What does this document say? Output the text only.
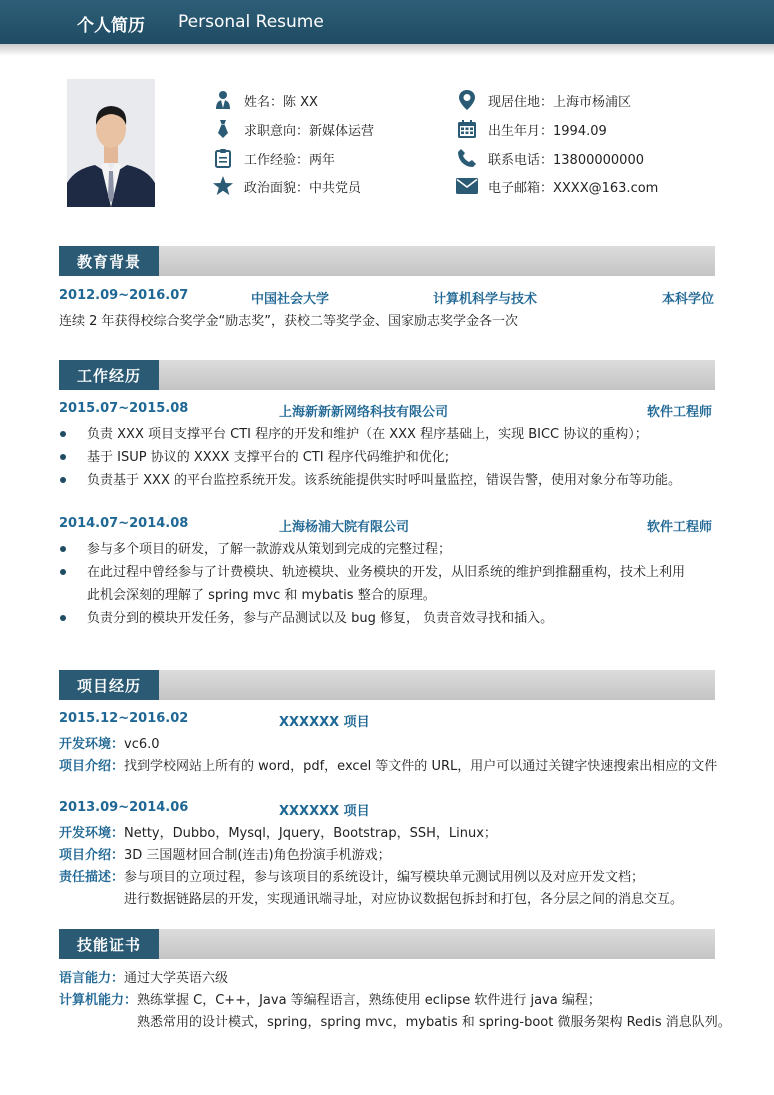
个人简历 Personal Resume
姓名：陈 XX
求职意向：新媒体运营
工作经验：两年
政治面貌：中共党员
现居住地：上海市杨浦区
出生年月：1994.09
联系电话：13800000000
电子邮箱：XXXX@163.com
教育背景
2012.09~2016.07	中国社会大学	计算机科学与技术	本科学位
连续 2 年获得校综合奖学金“励志奖”，获校二等奖学金、国家励志奖学金各一次
工作经历
2015.07~2015.08	上海新新新网络科技有限公司	软件工程师
负责 XXX 项目支撑平台 CTI 程序的开发和维护（在 XXX 程序基础上，实现 BICC 协议的重构）；
基于 ISUP 协议的 XXXX 支撑平台的 CTI 程序代码维护和优化;
负责基于 XXX 的平台监控系统开发。该系统能提供实时呼叫量监控，错误告警，使用对象分布等功能。
2014.07~2014.08	上海杨浦大院有限公司	软件工程师
参与多个项目的研发，了解一款游戏从策划到完成的完整过程；
在此过程中曾经参与了计费模块、轨迹模块、业务模块的开发，从旧系统的维护到推翻重构，技术上利用
此机会深刻的理解了 spring mvc 和 mybatis 整合的原理。
负责分到的模块开发任务，参与产品测试以及 bug 修复， 负责音效寻找和插入。
项目经历
2015.12~2016.02	XXXXXX 项目
开发环境：vc6.0
项目介绍：找到学校网站上所有的 word，pdf，excel 等文件的 URL，用户可以通过关键字快速搜索出相应的文件
2013.09~2014.06	XXXXXX 项目
开发环境：Netty，Dubbo，Mysql，Jquery，Bootstrap，SSH，Linux；
项目介绍：3D 三国题材回合制(连击)角色扮演手机游戏；
责任描述：参与项目的立项过程，参与该项目的系统设计，编写模块单元测试用例以及对应开发文档；
进行数据链路层的开发，实现通讯端寻址，对应协议数据包拆封和打包，各分层之间的消息交互。
技能证书
语言能力：通过大学英语六级
计算机能力：熟练掌握 C，C++，Java 等编程语言，熟练使用 eclipse 软件进行 java 编程；
熟悉常用的设计模式，spring，spring mvc，mybatis 和 spring-boot 微服务架构 Redis 消息队列。
